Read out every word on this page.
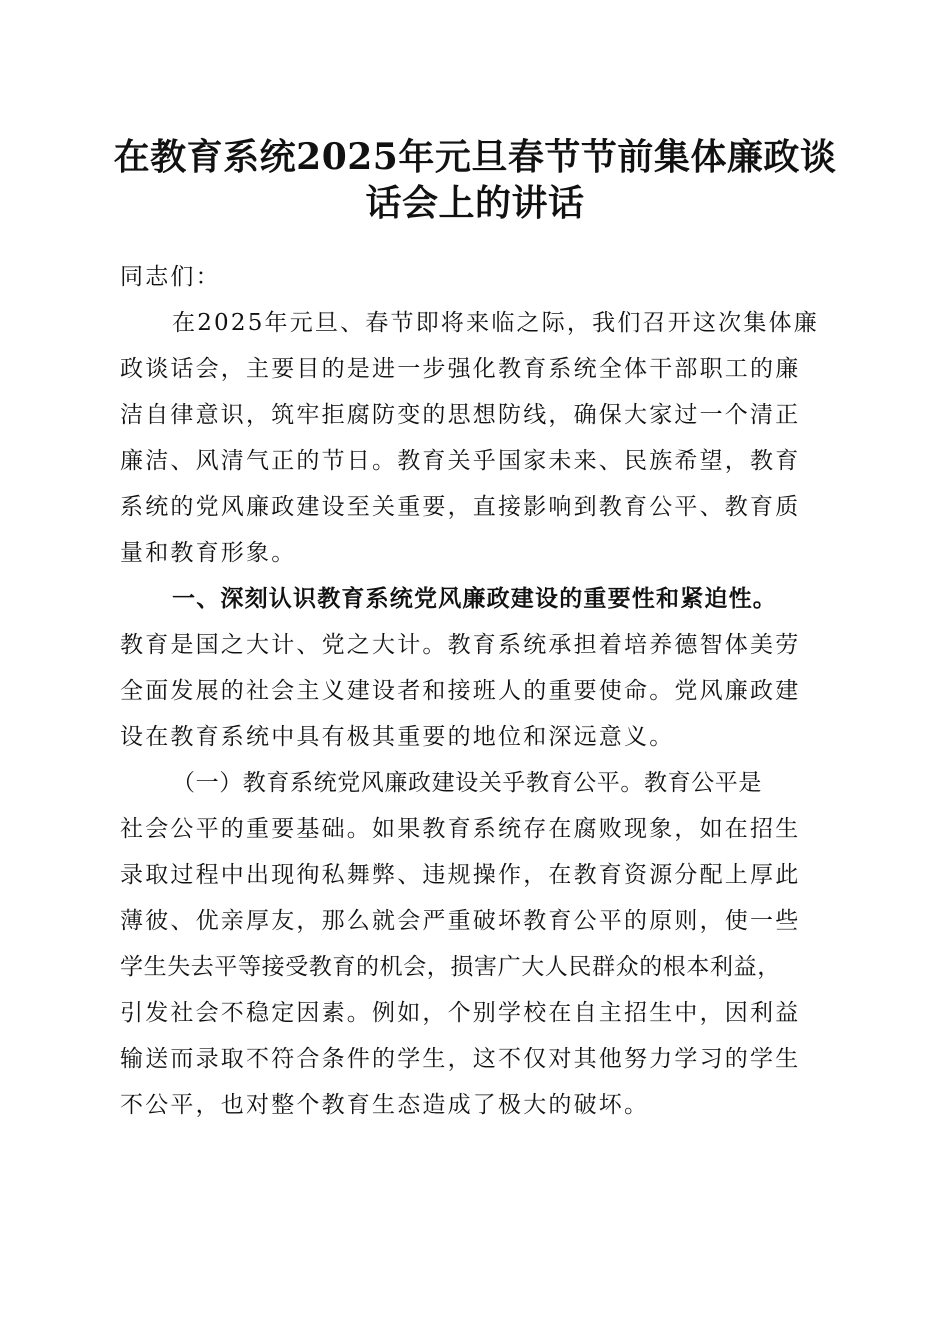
在教育系统2025年元旦春节节前集体廉政谈
话会上的讲话
同志们：
在2025年元旦、春节即将来临之际，我们召开这次集体廉
政谈话会，主要目的是进一步强化教育系统全体干部职工的廉
洁自律意识，筑牢拒腐防变的思想防线，确保大家过一个清正
廉洁、风清气正的节日。教育关乎国家未来、民族希望，教育
系统的党风廉政建设至关重要，直接影响到教育公平、教育质
量和教育形象。
一、深刻认识教育系统党风廉政建设的重要性和紧迫性。
教育是国之大计、党之大计。教育系统承担着培养德智体美劳
全面发展的社会主义建设者和接班人的重要使命。党风廉政建
设在教育系统中具有极其重要的地位和深远意义。
（一）教育系统党风廉政建设关乎教育公平。教育公平是
社会公平的重要基础。如果教育系统存在腐败现象，如在招生
录取过程中出现徇私舞弊、违规操作，在教育资源分配上厚此
薄彼、优亲厚友，那么就会严重破坏教育公平的原则，使一些
学生失去平等接受教育的机会，损害广大人民群众的根本利益，
引发社会不稳定因素。例如，个别学校在自主招生中，因利益
输送而录取不符合条件的学生，这不仅对其他努力学习的学生
不公平，也对整个教育生态造成了极大的破坏。
